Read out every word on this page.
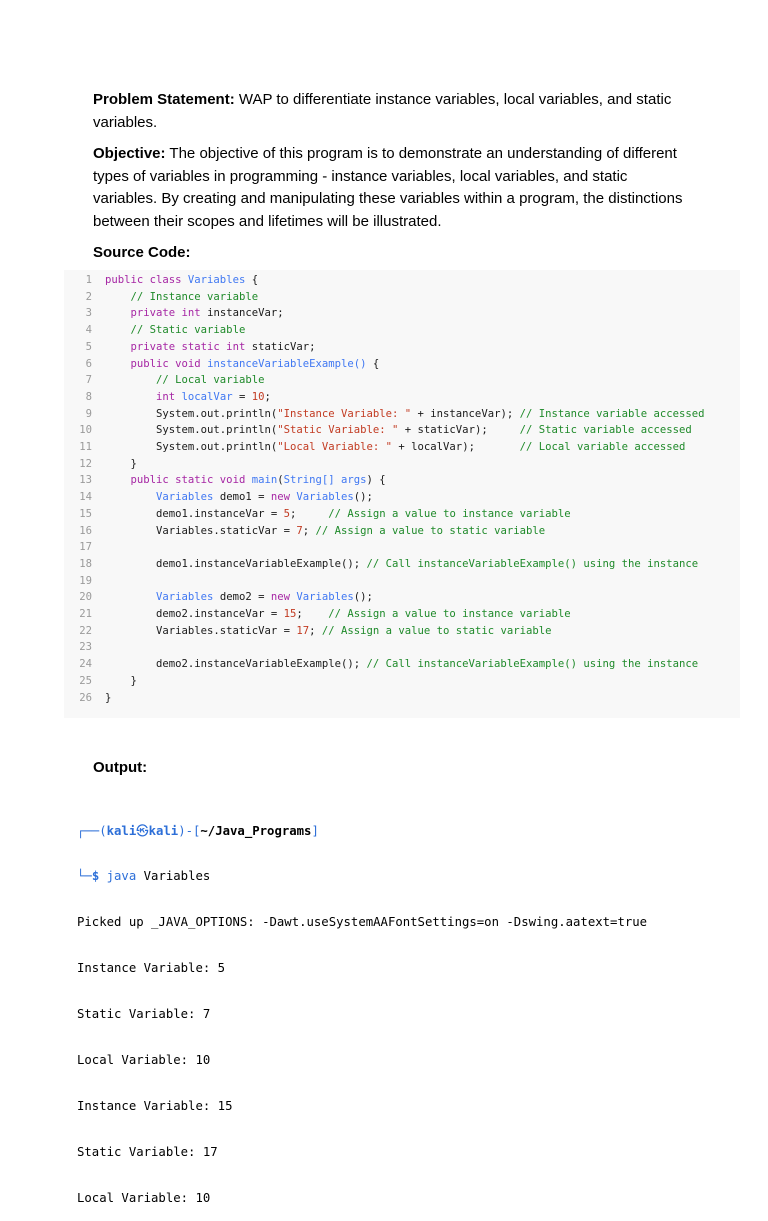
Problem Statement: WAP to differentiate instance variables, local variables, and static variables.
Objective: The objective of this program is to demonstrate an understanding of different types of variables in programming - instance variables, local variables, and static variables. By creating and manipulating these variables within a program, the distinctions between their scopes and lifetimes will be illustrated.
Source Code:
1 public class Variables {
2	// Instance variable
3	private int instanceVar;
4	// Static variable
5	private static int staticVar;
6	public void instanceVariableExample() {
7	// Local variable
8	int localVar = 10;
9        System.out.println("Instance Variable: " + instanceVar); // Instance variable accessed
10        System.out.println("Static Variable: " + staticVar);     // Static variable accessed
11        System.out.println("Local Variable: " + localVar);       // Local variable accessed
12    }
13	public static void main(String[] args) {
14	Variables demo1 = new Variables();
15        demo1.instanceVar = 5;     // Assign a value to instance variable
16        Variables.staticVar = 7; // Assign a value to static variable
17
18        demo1.instanceVariableExample(); // Call instanceVariableExample() using the instance
19
20	Variables demo2 = new Variables();
21        demo2.instanceVar = 15;    // Assign a value to instance variable
22        Variables.staticVar = 17; // Assign a value to static variable
23
24        demo2.instanceVariableExample(); // Call instanceVariableExample() using the instance
25    }
26 }
Output:

┌──(kali㉿kali)-[~/Java_Programs]

└─$ java Variables

Picked up _JAVA_OPTIONS: -Dawt.useSystemAAFontSettings=on -Dswing.aatext=true

Instance Variable: 5

Static Variable: 7

Local Variable: 10

Instance Variable: 15

Static Variable: 17

Local Variable: 10
